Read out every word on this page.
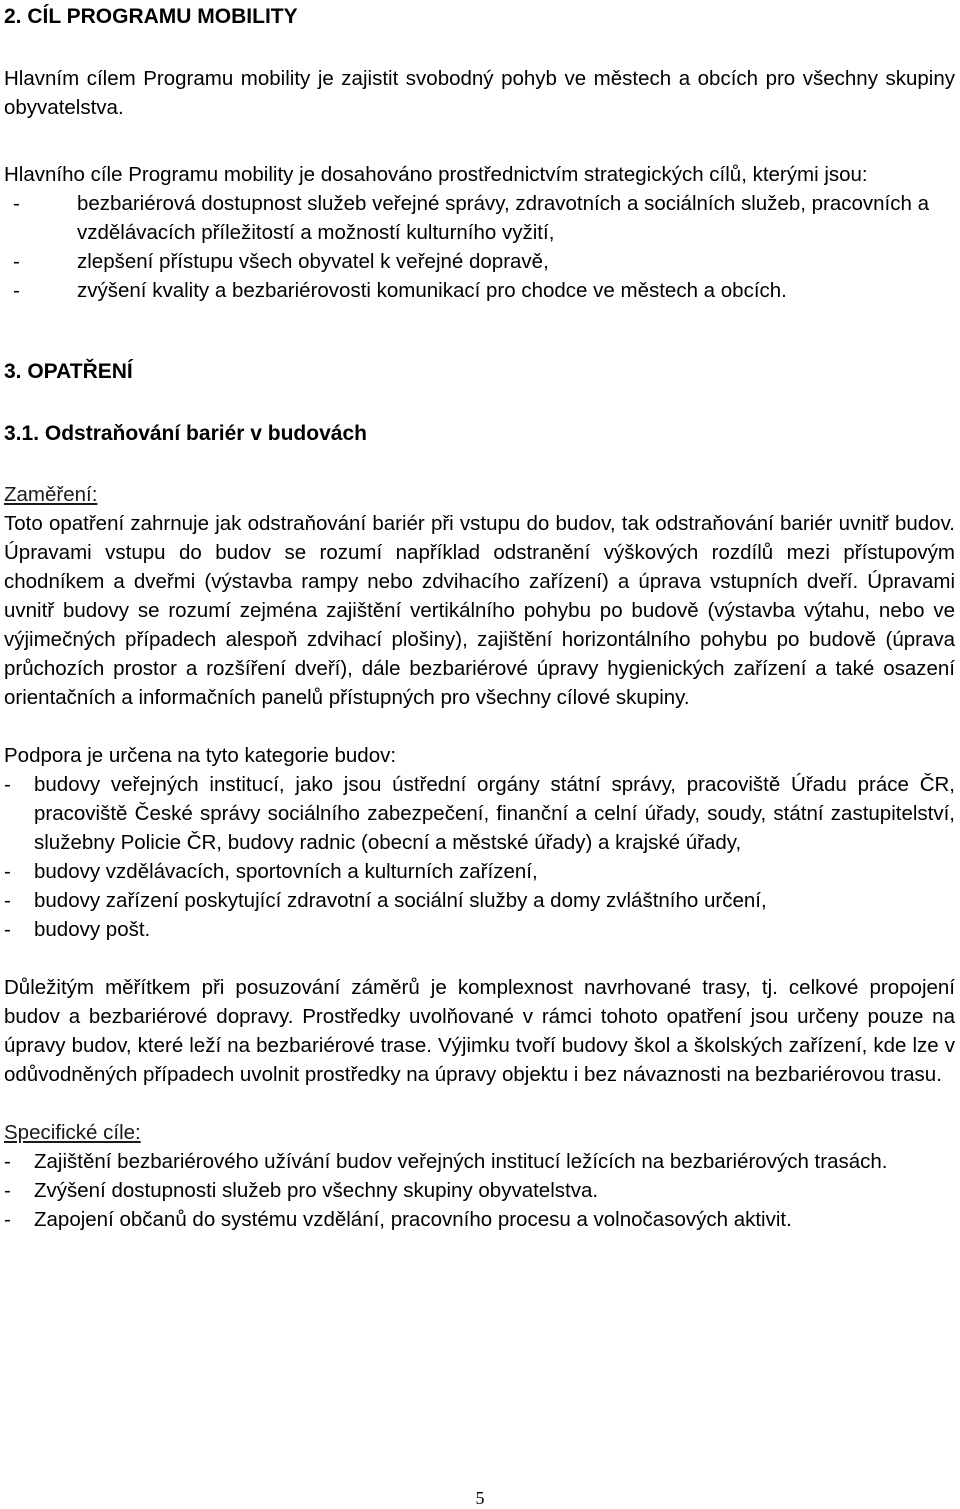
2. CÍL PROGRAMU MOBILITY

Hlavním cílem Programu mobility je zajistit svobodný pohyb ve městech a obcích pro všechny skupiny obyvatelstva.

Hlavního cíle Programu mobility je dosahováno prostřednictvím strategických cílů, kterými jsou:

-	bezbariérová dostupnost služeb veřejné správy, zdravotních a sociálních služeb, pracovních a vzdělávacích příležitostí a možností kulturního vyžití,
-	zlepšení přístupu všech obyvatel k veřejné dopravě,
-	zvýšení kvality a bezbariérovosti komunikací pro chodce ve městech a obcích.
3. OPATŘENÍ
3.1. Odstraňování bariér v budovách

Zaměření:

Toto opatření zahrnuje jak odstraňování bariér při vstupu do budov, tak odstraňování bariér uvnitř budov. Úpravami vstupu do budov se rozumí například odstranění výškových rozdílů mezi přístupovým chodníkem a dveřmi (výstavba rampy nebo zdvihacího zařízení) a úprava vstupních dveří. Úpravami uvnitř budovy se rozumí zejména zajištění vertikálního pohybu po budově (výstavba výtahu, nebo ve výjimečných případech alespoň zdvihací plošiny), zajištění horizontálního pohybu po budově (úprava průchozích prostor a rozšíření dveří), dále bezbariérové úpravy hygienických zařízení a také osazení orientačních a informačních panelů přístupných pro všechny cílové skupiny.

Podpora je určena na tyto kategorie budov:

- budovy veřejných institucí, jako jsou ústřední orgány státní správy, pracoviště Úřadu práce ČR, pracoviště České správy sociálního zabezpečení, finanční a celní úřady, soudy, státní zastupitelství, služebny Policie ČR, budovy radnic (obecní a městské úřady) a krajské úřady,
- budovy vzdělávacích, sportovních a kulturních zařízení,
- budovy zařízení poskytující zdravotní a sociální služby a domy zvláštního určení,
- budovy pošt.

Důležitým měřítkem při posuzování záměrů je komplexnost navrhované trasy, tj. celkové propojení budov a bezbariérové dopravy. Prostředky uvolňované v rámci tohoto opatření jsou určeny pouze na úpravy budov, které leží na bezbariérové trase. Výjimku tvoří budovy škol a školských zařízení, kde lze v odůvodněných případech uvolnit prostředky na úpravy objektu i bez návaznosti na bezbariérovou trasu.

Specifické cíle:

- Zajištění bezbariérového užívání budov veřejných institucí ležících na bezbariérových trasách.
- Zvýšení dostupnosti služeb pro všechny skupiny obyvatelstva.
- Zapojení občanů do systému vzdělání, pracovního procesu a volnočasových aktivit.
5
